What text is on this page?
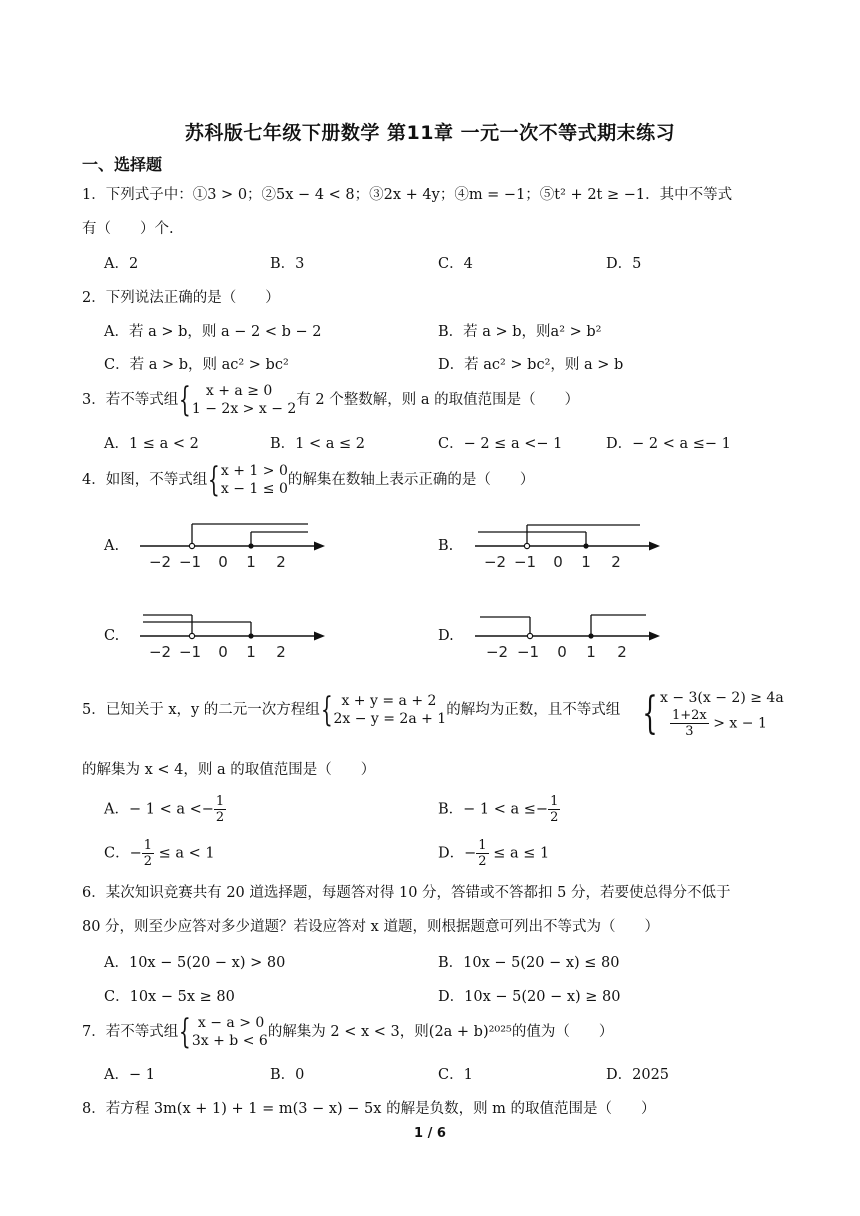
苏科版七年级下册数学 第11章 一元一次不等式期末练习
一、选择题
1．下列式子中：①3 > 0；②5x − 4 < 8；③2x + 4y；④m = −1；⑤t² + 2t ≥ −1．其中不等式
有（　　）个.
A．2	B．3	C．4	D．5
2．下列说法正确的是（　　）
A．若 a > b，则 a − 2 < b − 2	B．若 a > b，则a² > b²
C．若 a > b，则 ac² > bc²	D．若 ac² > bc²，则 a > b
3．若不等式组{	x + a ≥ 0
1 − 2x > x − 2
有 2 个整数解，则 a 的取值范围是（　　）
A．1 ≤ a < 2	B．1 < a ≤ 2	C．− 2 ≤ a <− 1	D．− 2 < a ≤− 1
4．如图，不等式组{ x + 1 > 0
x − 1 ≤ 0
的解集在数轴上表示正确的是（　　）
A.	B.
C.	D.
−2 −1 0 1 2	−2 −1 0 1 2
−2 −1 0 1 2	−2 −1 0 1 2
5．已知关于 x，y 的二元一次方程组{ x + y = a + 2
2x − y = 2a + 1
的解均为正数，且不等式组 { x − 3(x − 2) ≥ 4a
$\frac{1+2x}{3} > x - 1$
的解集为 x < 4，则 a 的取值范围是（　　）
A．− $1 < a <- \frac{1}{2}$	B．− $1 < a \le- \frac{1}{2}$
C．− $\frac{1}{2} \le a < 1$	D．− $\frac{1}{2} \le a \le 1$
6．某次知识竞赛共有 20 道选择题，每题答对得 10 分，答错或不答都扣 5 分，若要使总得分不低于
80 分，则至少应答对多少道题？若设应答对 x 道题，则根据题意可列出不等式为（　　）
A．10x − 5(20 − x) > 80	B．10x − 5(20 − x) ≤ 80
C．10x − 5x ≥ 80	D．10x − 5(20 − x) ≥ 80
7．若不等式组{ x − a > 0
3x + b < 6
的解集为 2 < x < 3，则(2a + b)²⁰²⁵的值为（　　）
A．− 1	B．0	C．1	D．2025
8．若方程 3m(x + 1) + 1 = m(3 − x) − 5x 的解是负数，则 m 的取值范围是（　　）
1 / 6
